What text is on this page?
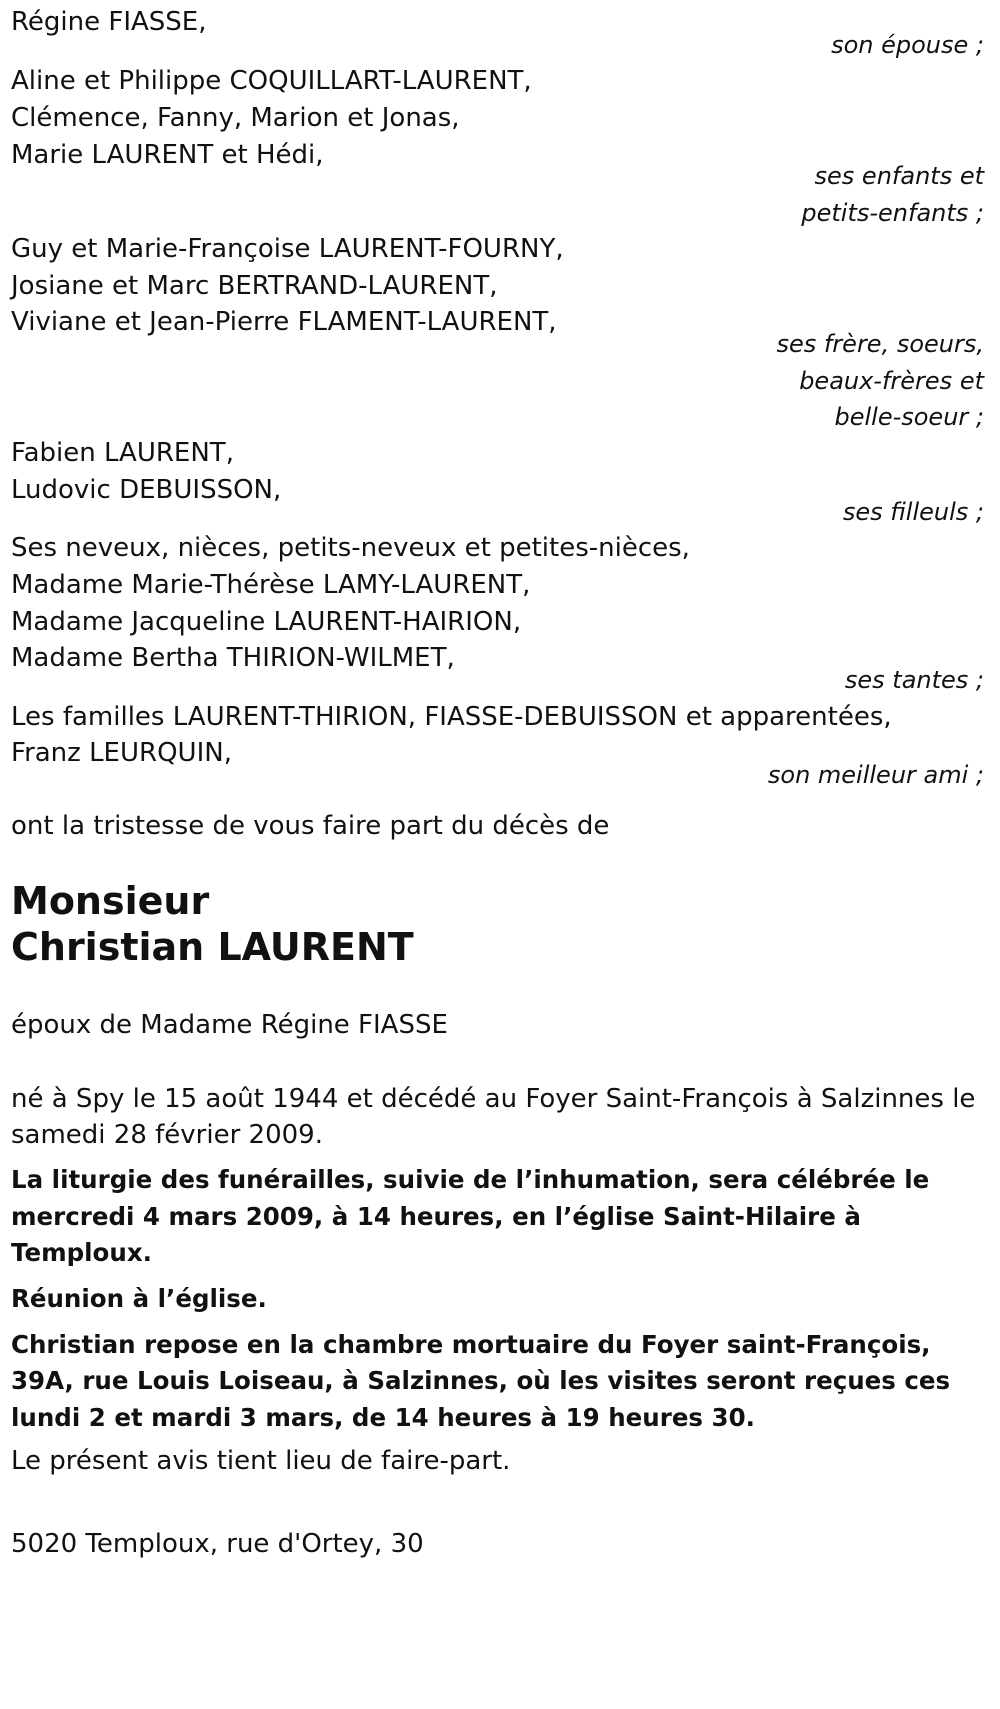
Régine FIASSE,
son épouse ;
Aline et Philippe COQUILLART-LAURENT,
Clémence, Fanny, Marion et Jonas,
Marie LAURENT et Hédi,
ses enfants et
petits-enfants ;
Guy et Marie-Françoise LAURENT-FOURNY,
Josiane et Marc BERTRAND-LAURENT,
Viviane et Jean-Pierre FLAMENT-LAURENT,
ses frère, soeurs,
beaux-frères et
belle-soeur ;
Fabien LAURENT,
Ludovic DEBUISSON,
ses filleuls ;
Ses neveux, nièces, petits-neveux et petites-nièces,
Madame Marie-Thérèse LAMY-LAURENT,
Madame Jacqueline LAURENT-HAIRION,
Madame Bertha THIRION-WILMET,
ses tantes ;
Les familles LAURENT-THIRION, FIASSE-DEBUISSON et apparentées,
Franz LEURQUIN,
son meilleur ami ;
ont la tristesse de vous faire part du décès de
Monsieur
Christian LAURENT
époux de Madame Régine FIASSE
né à Spy le 15 août 1944 et décédé au Foyer Saint-François à Salzinnes le
samedi 28 février 2009.
La liturgie des funérailles, suivie de l’inhumation, sera célébrée le
mercredi 4 mars 2009, à 14 heures, en l’église Saint-Hilaire à
Temploux.
Réunion à l’église.
Christian repose en la chambre mortuaire du Foyer saint-François,
39A, rue Louis Loiseau, à Salzinnes, où les visites seront reçues ces
lundi 2 et mardi 3 mars, de 14 heures à 19 heures 30.
Le présent avis tient lieu de faire-part.
5020 Temploux, rue d'Ortey, 30
